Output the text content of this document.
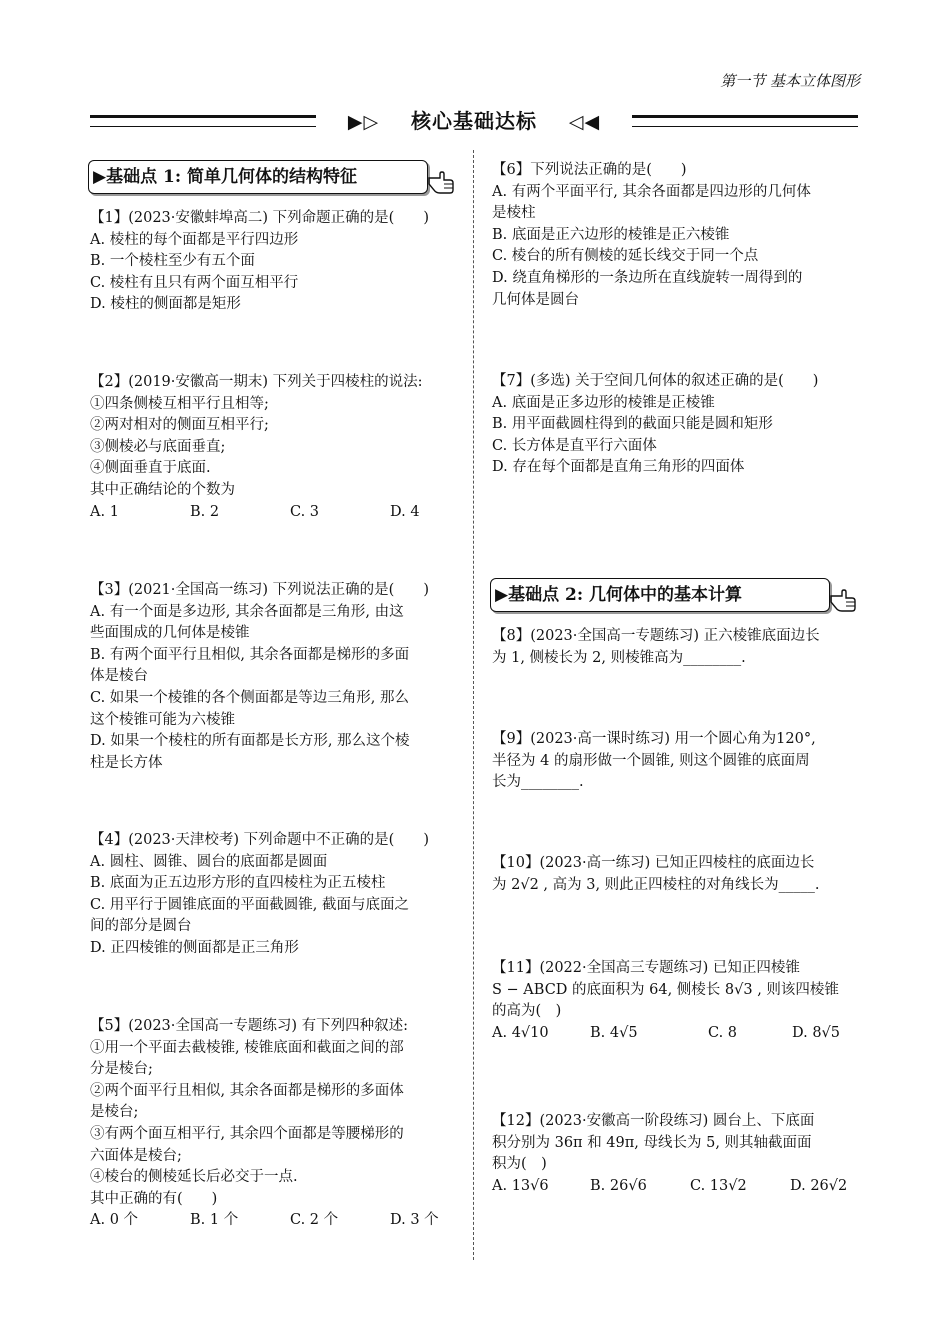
第一节 基本立体图形
▶▷ 核心基础达标 ◁◀
▶基础点 1: 简单几何体的结构特征
▶基础点 2: 几何体中的基本计算
【1】(2023·安徽蚌埠高二) 下列命题正确的是(　　)
A. 棱柱的每个面都是平行四边形
B. 一个棱柱至少有五个面
C. 棱柱有且只有两个面互相平行
D. 棱柱的侧面都是矩形
【2】(2019·安徽高一期末) 下列关于四棱柱的说法:
①四条侧棱互相平行且相等;
②两对相对的侧面互相平行;
③侧棱必与底面垂直;
④侧面垂直于底面.
其中正确结论的个数为
A. 1	B. 2	C. 3	D. 4
【3】(2021·全国高一练习) 下列说法正确的是(　　)
A. 有一个面是多边形, 其余各面都是三角形, 由这
些面围成的几何体是棱锥
B. 有两个面平行且相似, 其余各面都是梯形的多面
体是棱台
C. 如果一个棱锥的各个侧面都是等边三角形, 那么
这个棱锥可能为六棱锥
D. 如果一个棱柱的所有面都是长方形, 那么这个棱
柱是长方体
【4】(2023·天津校考) 下列命题中不正确的是(　　)
A. 圆柱、圆锥、圆台的底面都是圆面
B. 底面为正五边形方形的直四棱柱为正五棱柱
C. 用平行于圆锥底面的平面截圆锥, 截面与底面之
间的部分是圆台
D. 正四棱锥的侧面都是正三角形
【5】(2023·全国高一专题练习) 有下列四种叙述:
①用一个平面去截棱锥, 棱锥底面和截面之间的部
分是棱台;
②两个面平行且相似, 其余各面都是梯形的多面体
是棱台;
③有两个面互相平行, 其余四个面都是等腰梯形的
六面体是棱台;
④棱台的侧棱延长后必交于一点.
其中正确的有(　　)
A. 0 个	B. 1 个	C. 2 个	D. 3 个
【6】下列说法正确的是(　　)
A. 有两个平面平行, 其余各面都是四边形的几何体
是棱柱
B. 底面是正六边形的棱锥是正六棱锥
C. 棱台的所有侧棱的延长线交于同一个点
D. 绕直角梯形的一条边所在直线旋转一周得到的
几何体是圆台
【7】(多选) 关于空间几何体的叙述正确的是(　　)
A. 底面是正多边形的棱锥是正棱锥
B. 用平面截圆柱得到的截面只能是圆和矩形
C. 长方体是直平行六面体
D. 存在每个面都是直角三角形的四面体
【8】(2023·全国高一专题练习) 正六棱锥底面边长
为 1, 侧棱长为 2, 则棱锥高为________.
【9】(2023·高一课时练习) 用一个圆心角为120°,
半径为 4 的扇形做一个圆锥, 则这个圆锥的底面周
长为________.
【10】(2023·高一练习) 已知正四棱柱的底面边长
为 2√2 , 高为 3, 则此正四棱柱的对角线长为_____.
【11】(2022·全国高三专题练习) 已知正四棱锥
S − ABCD 的底面积为 64, 侧棱长 8√3 , 则该四棱锥
的高为(　)
A. 4√10	B. 4√5	C. 8	D. 8√5
【12】(2023·安徽高一阶段练习) 圆台上、下底面
积分别为 36π 和 49π, 母线长为 5, 则其轴截面面
积为(　)
A. 13√6	B. 26√6	C. 13√2	D. 26√2
